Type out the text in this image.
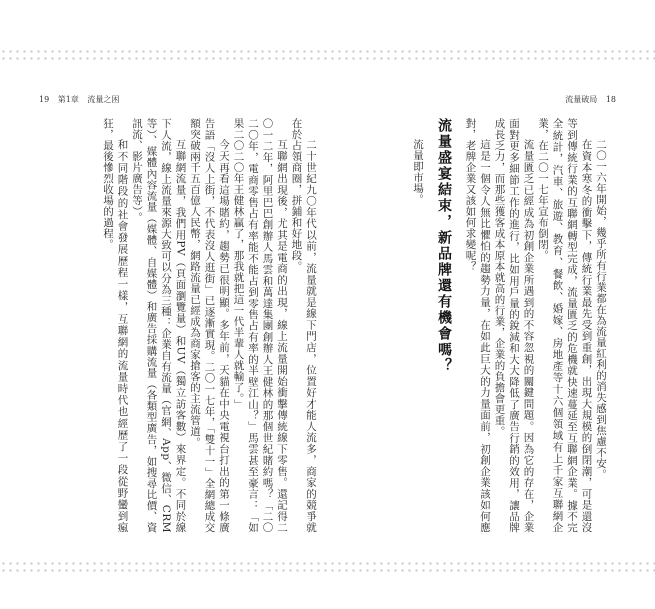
19 第1章 流量之困	流量破局 18

二〇一六年開始，幾乎所有行業都在為流量紅利的消失感到焦慮不安。

在資本寒冬的衝擊下，傳統行業最先受到重創，出現大規模的倒閉潮，可是還沒等到傳統行業的互聯網轉型完成，流量匱乏的危機就快速蔓延至互聯網企業。據不完全統計，汽車、旅遊、教育、餐飲、婚嫁、房地產等十六個領域有上千家互聯網企業，在二〇一七年宣布倒閉。

流量匱乏已經成為初創企業所遇到的不容忽視的關鍵問題。因為它的存在，企業面對更多細節工作的進行，比如用戶量的銳減和大大降低了廣告行銷的效用，讓品牌成長乏力，而那些獲客成本原本就高的行業，企業的負擔會更重。

這是一個令人無比懼怕的趨勢力量，在如此巨大的力量面前，初創企業該如何應對，老牌企業又該如何求變呢？

流量盛宴結束，新品牌還有機會嗎？

流量即市場。

二十世紀九〇年代以前，流量就是線下門店，位置好才能人流多，商家的競爭就在於占領商圈，拼鋪和好地段。

互聯網出現後，尤其是電商的出現，線上流量開始衝擊傳統線下零售。還記得二〇一二年，阿里巴巴創辦人馬雲和萬達集團創辦人王健林的那個世紀賭約嗎？「二〇二〇年，電商零售占有率能不能占到零售占有率的半壁江山？」馬雲甚至豪言：「如果二〇二〇年王健林贏了，那我就把這一代半輩人就輸了。」

今天再看這場賭約，趨勢已很明顯。多年前，天貓在中央電視台打出的第一條廣告語「沒人上街，不代表沒人逛街」已逐漸實現。二〇一七年，「雙十一」全網總成交額突破兩千五百億人民幣，網路流量已經成為商家搶客的主流管道。

互聯網流量，我們用PV（頁面瀏覽量）和UV（獨立訪客數）來界定。不同於線下人流，線上流量來源大致可以分為三種：企業自有流量（官網、App、微信、CRM等）、媒體內容流量（媒體、自媒體）和廣告採購流量（各類型廣告，如搜尋比價、資訊流、影片廣告等）。

和不同階段的社會發展歷程一樣，互聯網的流量時代也經歷了一段從野蠻到瘋狂，最後慘烈收場的過程。
